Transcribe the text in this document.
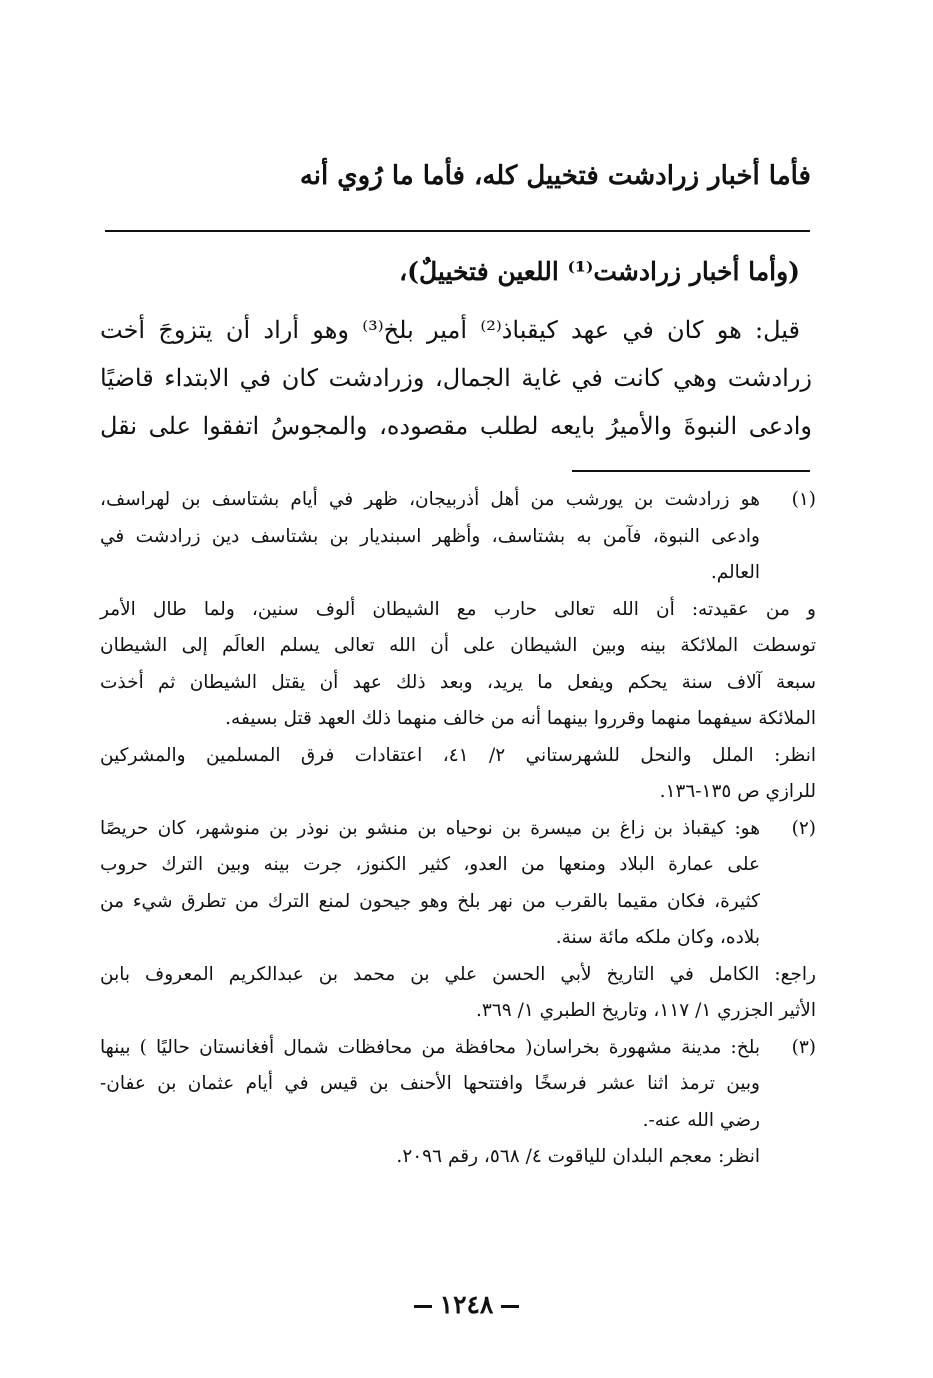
فأما أخبار زرادشت فتخييل كله، فأما ما رُوي أنه

(وأما أخبار زرادشت⁽¹⁾ اللعين فتخييلٌ)،

قيل: هو كان في عهد كيقباذ⁽²⁾ أمير بلخ⁽³⁾ وهو أراد أن يتزوجَ أخت

زرادشت وهي كانت في غاية الجمال، وزرادشت كان في الابتداء قاضيًا

وادعى النبوةَ والأميرُ بايعه لطلب مقصوده، والمجوسُ اتفقوا على نقل

(١)

هو زرادشت بن يورشب من أهل أذربيجان، ظهر في أيام بشتاسف بن لهراسف،

وادعى النبوة، فآمن به بشتاسف، وأظهر اسبنديار بن بشتاسف دين زرادشت في

العالم.

و من عقيدته: أن الله تعالى حارب مع الشيطان ألوف سنين، ولما طال الأمر

توسطت الملائكة بينه وبين الشيطان على أن الله تعالى يسلم العالَم إلى الشيطان

سبعة آلاف سنة يحكم ويفعل ما يريد، وبعد ذلك عهد أن يقتل الشيطان ثم أخذت

الملائكة سيفهما منهما وقرروا بينهما أنه من خالف منهما ذلك العهد قتل بسيفه.

انظر: الملل والنحل للشهرستاني ٢/ ٤١، اعتقادات فرق المسلمين والمشركين

للرازي ص ١٣٥-١٣٦.

(٢)

هو: كيقباذ بن زاغ بن ميسرة بن نوحياه بن منشو بن نوذر بن منوشهر، كان حريصًا

على عمارة البلاد ومنعها من العدو، كثير الكنوز، جرت بينه وبين الترك حروب

كثيرة، فكان مقيما بالقرب من نهر بلخ وهو جيحون لمنع الترك من تطرق شيء من

بلاده، وكان ملكه مائة سنة.

راجع: الكامل في التاريخ لأبي الحسن علي بن محمد بن عبدالكريم المعروف بابن

الأثير الجزري ١/ ١١٧، وتاريخ الطبري ١/ ٣٦٩.

(٣)

بلخ: مدينة مشهورة بخراسان( محافظة من محافظات شمال أفغانستان حاليًا ) بينها

وبين ترمذ اثنا عشر فرسخًا وافتتحها الأحنف بن قيس في أيام عثمان بن عفان-

رضي الله عنه-.

انظر: معجم البلدان للياقوت ٤/ ٥٦٨، رقم ٢٠٩٦.

١٢٤٨
